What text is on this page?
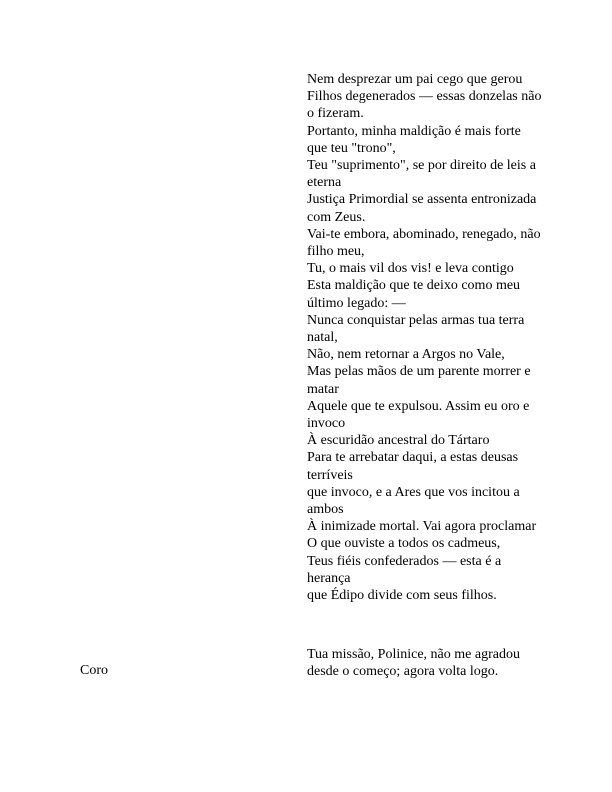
Nem desprezar um pai cego que gerou

Filhos degenerados — essas donzelas não o fizeram.

Portanto, minha maldição é mais forte que teu "trono",

Teu "suprimento", se por direito de leis a eterna

Justiça Primordial se assenta entronizada com Zeus.

Vai-te embora, abominado, renegado, não filho meu,

Tu, o mais vil dos vis! e leva contigo

Esta maldição que te deixo como meu último legado: —

Nunca conquistar pelas armas tua terra natal,

Não, nem retornar a Argos no Vale,

Mas pelas mãos de um parente morrer e matar

Aquele que te expulsou. Assim eu oro e invoco

À escuridão ancestral do Tártaro

Para te arrebatar daqui, a estas deusas terríveis

que invoco, e a Ares que vos incitou a ambos

À inimizade mortal. Vai agora proclamar

O que ouviste a todos os cadmeus,

Teus fiéis confederados — esta é a herança

que Édipo divide com seus filhos.

Coro

Tua missão, Polinice, não me agradou

desde o começo; agora volta logo.
